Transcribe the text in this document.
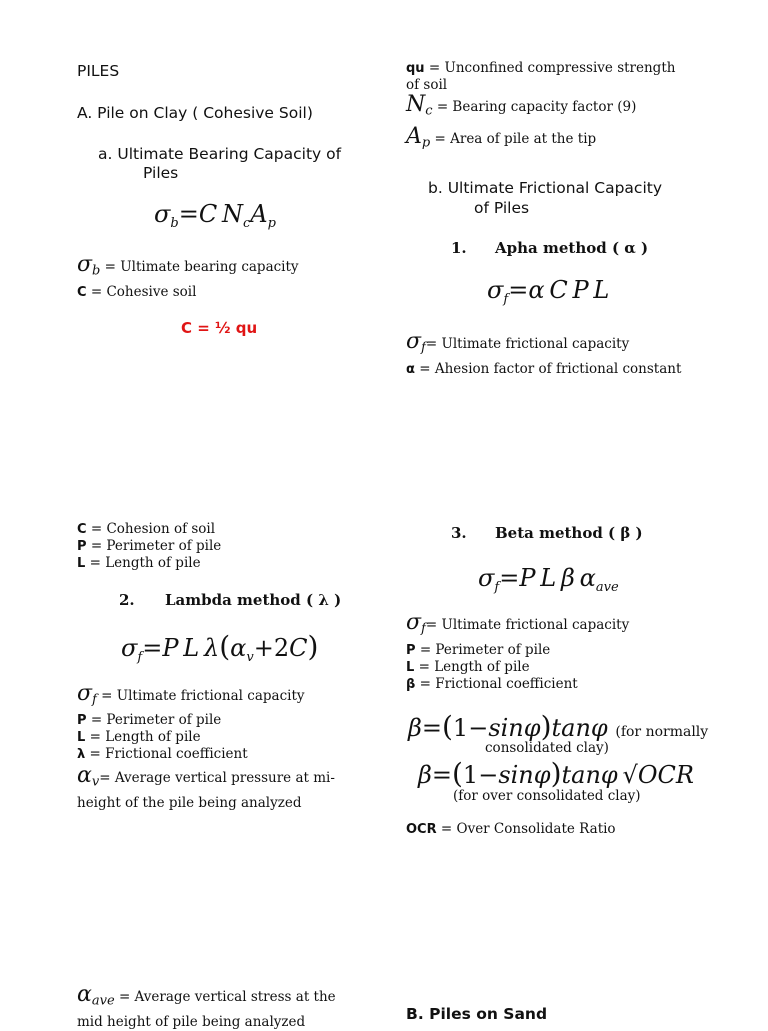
PILES
A. Pile on Clay ( Cohesive Soil)
a. Ultimate Bearing Capacity of
Piles
$\sigma_b=C$  $N_cA_p$
$\sigma_b$ = Ultimate bearing capacity
C = Cohesive soil
C = ½ qu
C = Cohesion of soil
P = Perimeter of pile
L = Length of pile
2. Lambda method ( λ )
$\sigma_f=P$ L $\lambda(\alpha_v+2C)$
$\sigma_f$ = Ultimate frictional capacity
P = Perimeter of pile
L = Length of pile
λ = Frictional coefficient
$\alpha_v=$ Average vertical pressure at mi-
height of the pile being analyzed
$\alpha_{ave}$ = Average vertical stress at the
mid height of pile being analyzed
qu = Unconfined compressive strength
of soil
$N_c$ = Bearing capacity factor (9)
$A_p$ = Area of pile at the tip
b. Ultimate Frictional Capacity
of Piles
1. Apha method ( α )
$\sigma_f=\alpha$ C P L
$\sigma_f=$ Ultimate frictional capacity
α = Ahesion factor of frictional constant
3. Beta method ( β )
$\sigma_f=P$ L β $\alpha_{ave}$
$\sigma_f=$ Ultimate frictional capacity
P = Perimeter of pile
L = Length of pile
β = Frictional coefficient
β=(1−sinφ)tanφ (for normally
consolidated clay)
β=(1−sinφ)tanφ √OCR
(for over consolidated clay)
OCR = Over Consolidate Ratio
B. Piles on Sand
